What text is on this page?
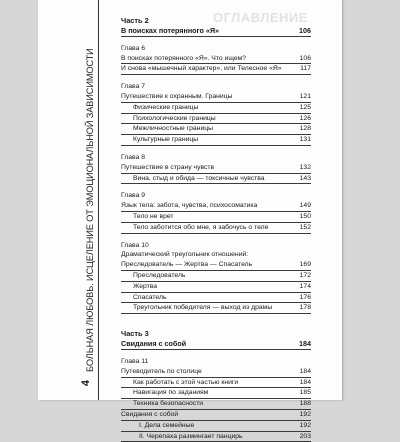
ОГЛАВЛЕНИЕ
БОЛЬНАЯ ЛЮБОВЬ. ИСЦЕЛЕНИЕ ОТ ЭМОЦИОНАЛЬНОЙ ЗАВИСИМОСТИ
4
Часть 2
В поисках потерянного «Я»	106
Глава 6
В поисках потерянного «Я». Что ищем?	106
И снова «мышечный характер», или Телесное «Я»	117
Глава 7
Путешествие к охранным. Границы	121
Физические границы	125
Психологические границы	126
Межличностные границы	128
Культурные границы	131
Глава 8
Путешествие в страну чувств	132
Вина, стыд и обида — токсичные чувства	143
Глава 9
Язык тела: забота, чувства, психосоматика	149
Тело не врет	150
Тело заботится обо мне, я забочусь о теле	152
Глава 10
Драматический треугольник отношений:
Преследователь — Жертва — Спасатель	169
Преследователь	172
Жертва	174
Спасатель	176
Треугольник победителя — выход из драмы	178
Часть 3
Свидания с собой	184
Глава 11
Путеводитель по столице	184
Как работать с этой частью книги	184
Навигация по заданиям	185
Техника безопасности	188
Свидания с собой	192
I. Дела семейные	192
II. Черепаха размингает панцирь	203
